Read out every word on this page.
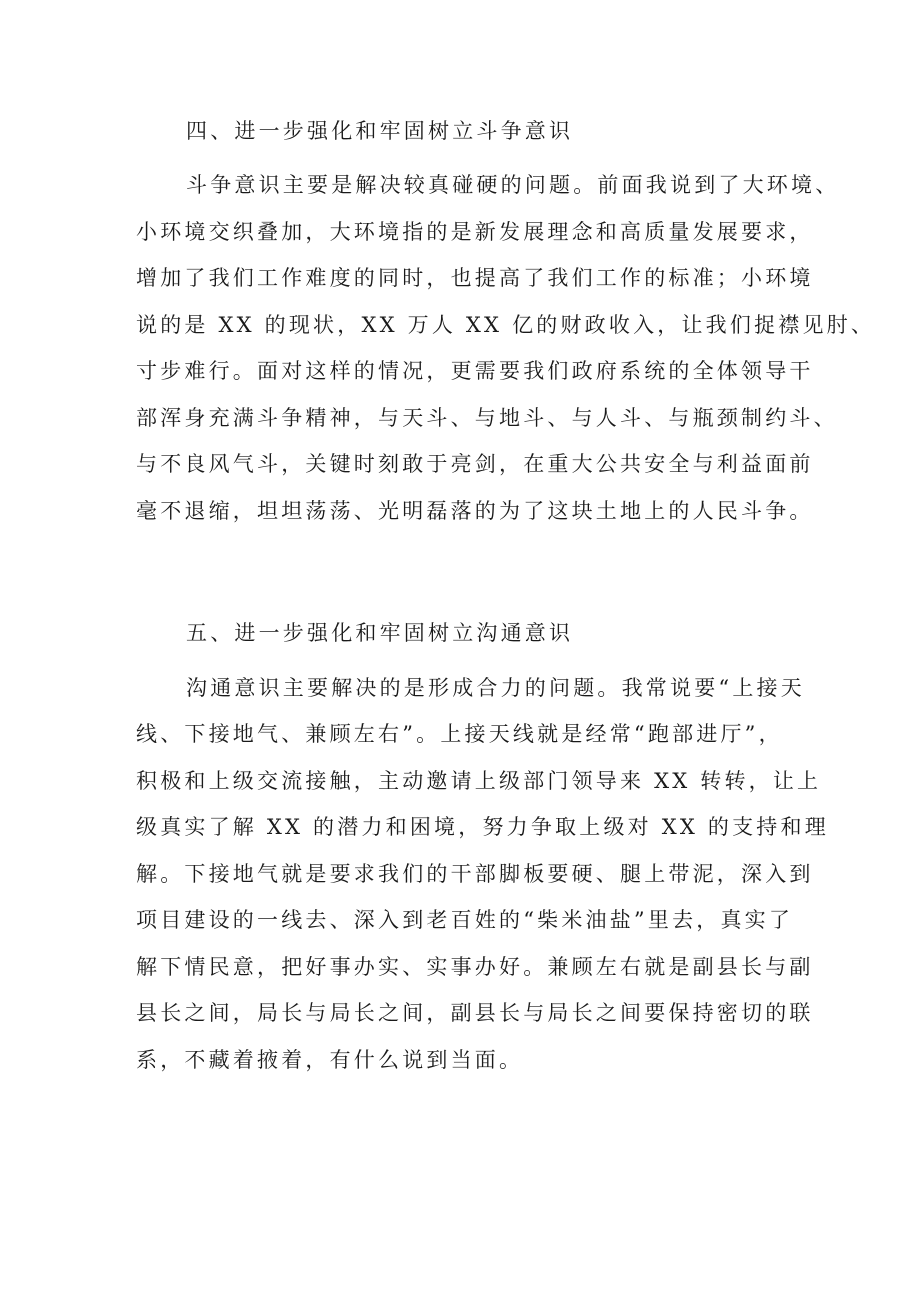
四、进一步强化和牢固树立斗争意识
斗争意识主要是解决较真碰硬的问题。前面我说到了大环境、
小环境交织叠加，大环境指的是新发展理念和高质量发展要求，
增加了我们工作难度的同时，也提高了我们工作的标准；小环境
说的是 XX 的现状，XX 万人 XX 亿的财政收入，让我们捉襟见肘、
寸步难行。面对这样的情况，更需要我们政府系统的全体领导干
部浑身充满斗争精神，与天斗、与地斗、与人斗、与瓶颈制约斗、
与不良风气斗，关键时刻敢于亮剑，在重大公共安全与利益面前
毫不退缩，坦坦荡荡、光明磊落的为了这块土地上的人民斗争。
五、进一步强化和牢固树立沟通意识
沟通意识主要解决的是形成合力的问题。我常说要“上接天
线、下接地气、兼顾左右”。上接天线就是经常“跑部进厅”，
积极和上级交流接触，主动邀请上级部门领导来 XX 转转，让上
级真实了解 XX 的潜力和困境，努力争取上级对 XX 的支持和理
解。下接地气就是要求我们的干部脚板要硬、腿上带泥，深入到
项目建设的一线去、深入到老百姓的“柴米油盐”里去，真实了
解下情民意，把好事办实、实事办好。兼顾左右就是副县长与副
县长之间，局长与局长之间，副县长与局长之间要保持密切的联
系，不藏着掖着，有什么说到当面。
